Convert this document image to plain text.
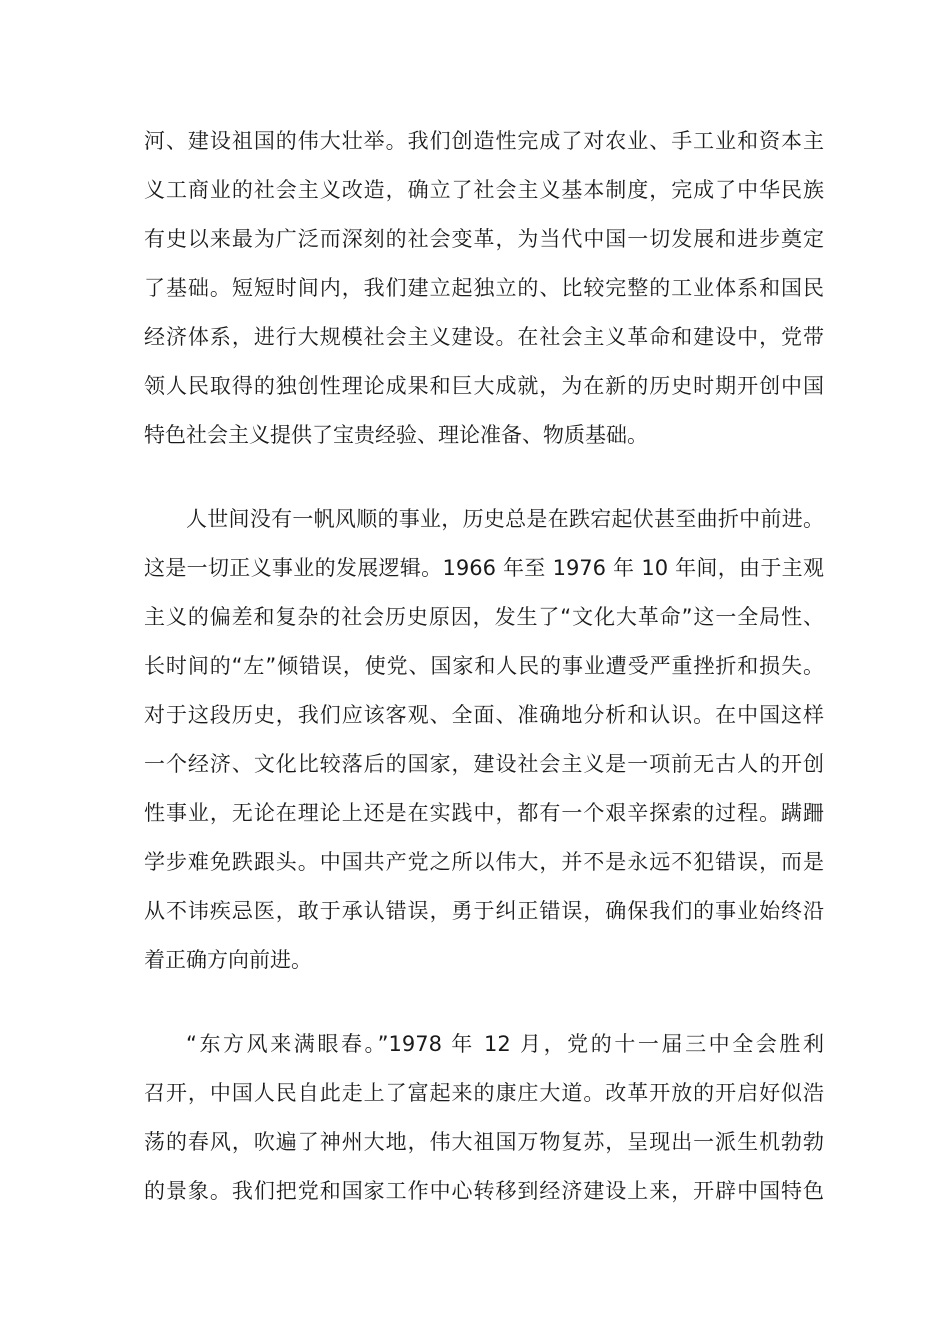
河、建设祖国的伟大壮举。我们创造性完成了对农业、手工业和资本主
义工商业的社会主义改造，确立了社会主义基本制度，完成了中华民族
有史以来最为广泛而深刻的社会变革，为当代中国一切发展和进步奠定
了基础。短短时间内，我们建立起独立的、比较完整的工业体系和国民
经济体系，进行大规模社会主义建设。在社会主义革命和建设中，党带
领人民取得的独创性理论成果和巨大成就，为在新的历史时期开创中国
特色社会主义提供了宝贵经验、理论准备、物质基础。
人世间没有一帆风顺的事业，历史总是在跌宕起伏甚至曲折中前进。
这是一切正义事业的发展逻辑。1966 年至 1976 年 10 年间，由于主观
主义的偏差和复杂的社会历史原因，发生了“文化大革命”这一全局性、
长时间的“左”倾错误，使党、国家和人民的事业遭受严重挫折和损失。
对于这段历史，我们应该客观、全面、准确地分析和认识。在中国这样
一个经济、文化比较落后的国家，建设社会主义是一项前无古人的开创
性事业，无论在理论上还是在实践中，都有一个艰辛探索的过程。蹒跚
学步难免跌跟头。中国共产党之所以伟大，并不是永远不犯错误，而是
从不讳疾忌医，敢于承认错误，勇于纠正错误，确保我们的事业始终沿
着正确方向前进。
“东方风来满眼春。”1978 年 12 月，党的十一届三中全会胜利
召开，中国人民自此走上了富起来的康庄大道。改革开放的开启好似浩
荡的春风，吹遍了神州大地，伟大祖国万物复苏，呈现出一派生机勃勃
的景象。我们把党和国家工作中心转移到经济建设上来，开辟中国特色
